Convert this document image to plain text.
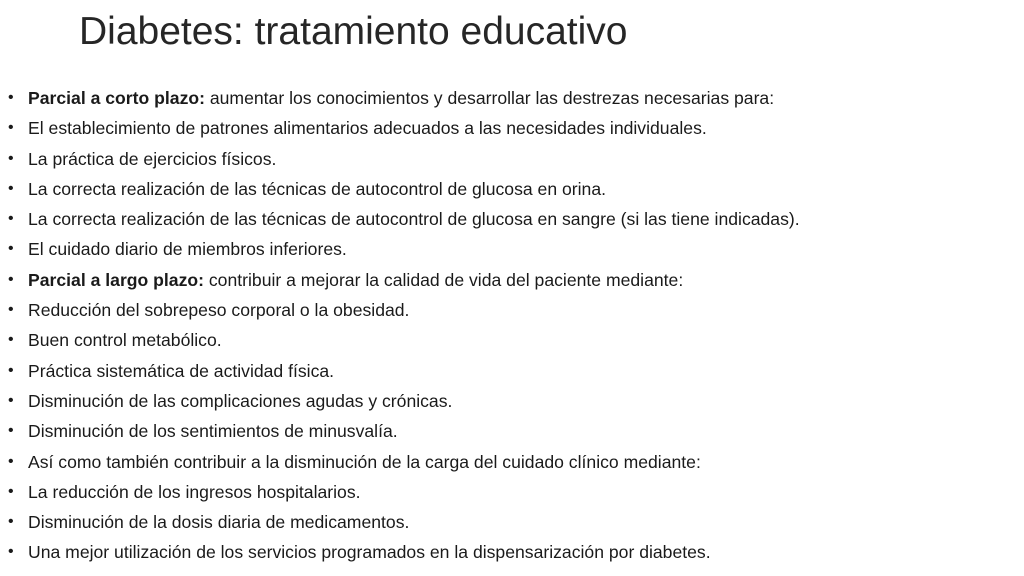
Diabetes: tratamiento educativo
• Parcial a corto plazo: aumentar los conocimientos y desarrollar las destrezas necesarias para:
• El establecimiento de patrones alimentarios adecuados a las necesidades individuales.
• La práctica de ejercicios físicos.
• La correcta realización de las técnicas de autocontrol de glucosa en orina.
• La correcta realización de las técnicas de autocontrol de glucosa en sangre (si las tiene indicadas).
• El cuidado diario de miembros inferiores.
• Parcial a largo plazo: contribuir a mejorar la calidad de vida del paciente mediante:
• Reducción del sobrepeso corporal o la obesidad.
• Buen control metabólico.
• Práctica sistemática de actividad física.
• Disminución de las complicaciones agudas y crónicas.
• Disminución de los sentimientos de minusvalía.
• Así como también contribuir a la disminución de la carga del cuidado clínico mediante:
• La reducción de los ingresos hospitalarios.
• Disminución de la dosis diaria de medicamentos.
• Una mejor utilización de los servicios programados en la dispensarización por diabetes.
